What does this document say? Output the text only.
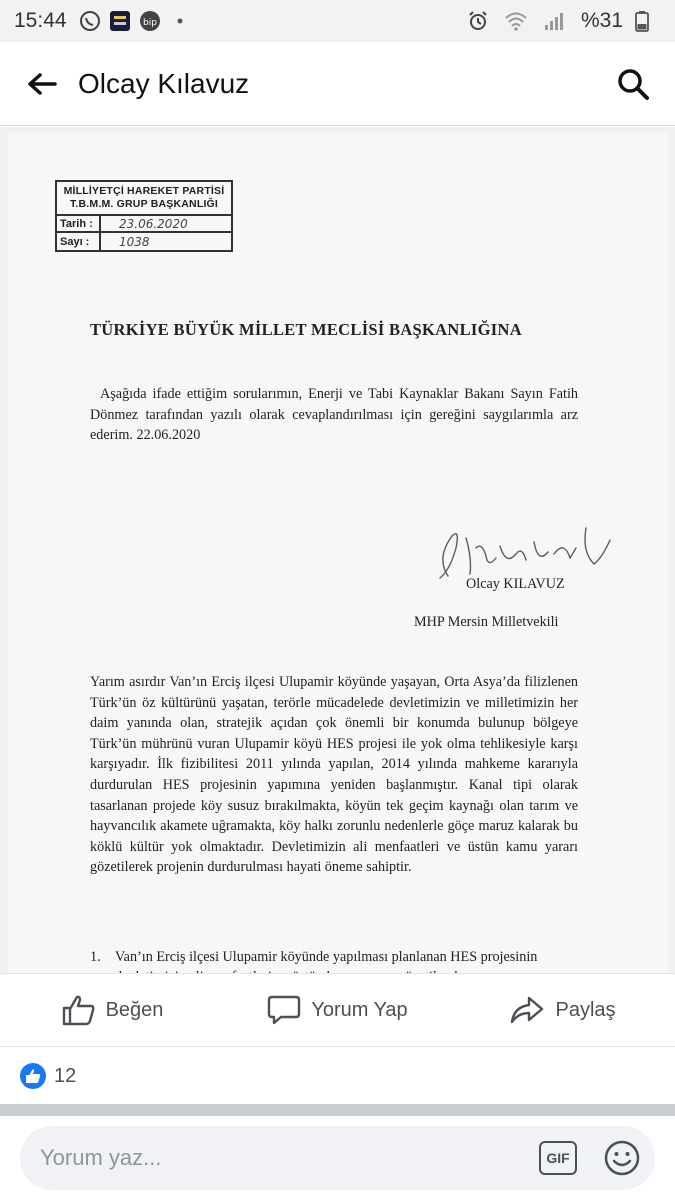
15:44	bip	%31
Olcay Kılavuz
MİLLİYETÇİ HAREKET PARTİSİ
T.B.M.M. GRUP BAŞKANLIĞI
Tarih :	23.06.2020
Sayı :	1038
TÜRKİYE BÜYÜK MİLLET MECLİSİ BAŞKANLIĞINA
Aşağıda ifade ettiğim sorularımın, Enerji ve Tabi Kaynaklar Bakanı Sayın Fatih Dönmez tarafından yazılı olarak cevaplandırılması için gereğini saygılarımla arz ederim. 22.06.2020
Olcay KILAVUZ
MHP Mersin Milletvekili
Yarım asırdır Van’ın Erciş ilçesi Ulupamir köyünde yaşayan, Orta Asya’da filizlenen Türk’ün öz kültürünü yaşatan, terörle mücadelede devletimizin ve milletimizin her daim yanında olan, stratejik açıdan çok önemli bir konumda bulunup bölgeye Türk’ün mührünü vuran Ulupamir köyü HES projesi ile yok olma tehlikesiyle karşı karşıyadır. İlk fizibilitesi 2011 yılında yapılan, 2014 yılında mahkeme kararıyla durdurulan HES projesinin yapımına yeniden başlanmıştır. Kanal tipi olarak tasarlanan projede köy susuz bırakılmakta, köyün tek geçim kaynağı olan tarım ve hayvancılık akamete uğramakta, köy halkı zorunlu nedenlerle göçe maruz kalarak bu köklü kültür yok olmaktadır. Devletimizin ali menfaatleri ve üstün kamu yararı gözetilerek projenin durdurulması hayati öneme sahiptir.
1. Van’ın Erciş ilçesi Ulupamir köyünde yapılması planlanan HES projesinin
Beğen	Yorum Yap	Paylaş
12
Yorum yaz...
GIF
